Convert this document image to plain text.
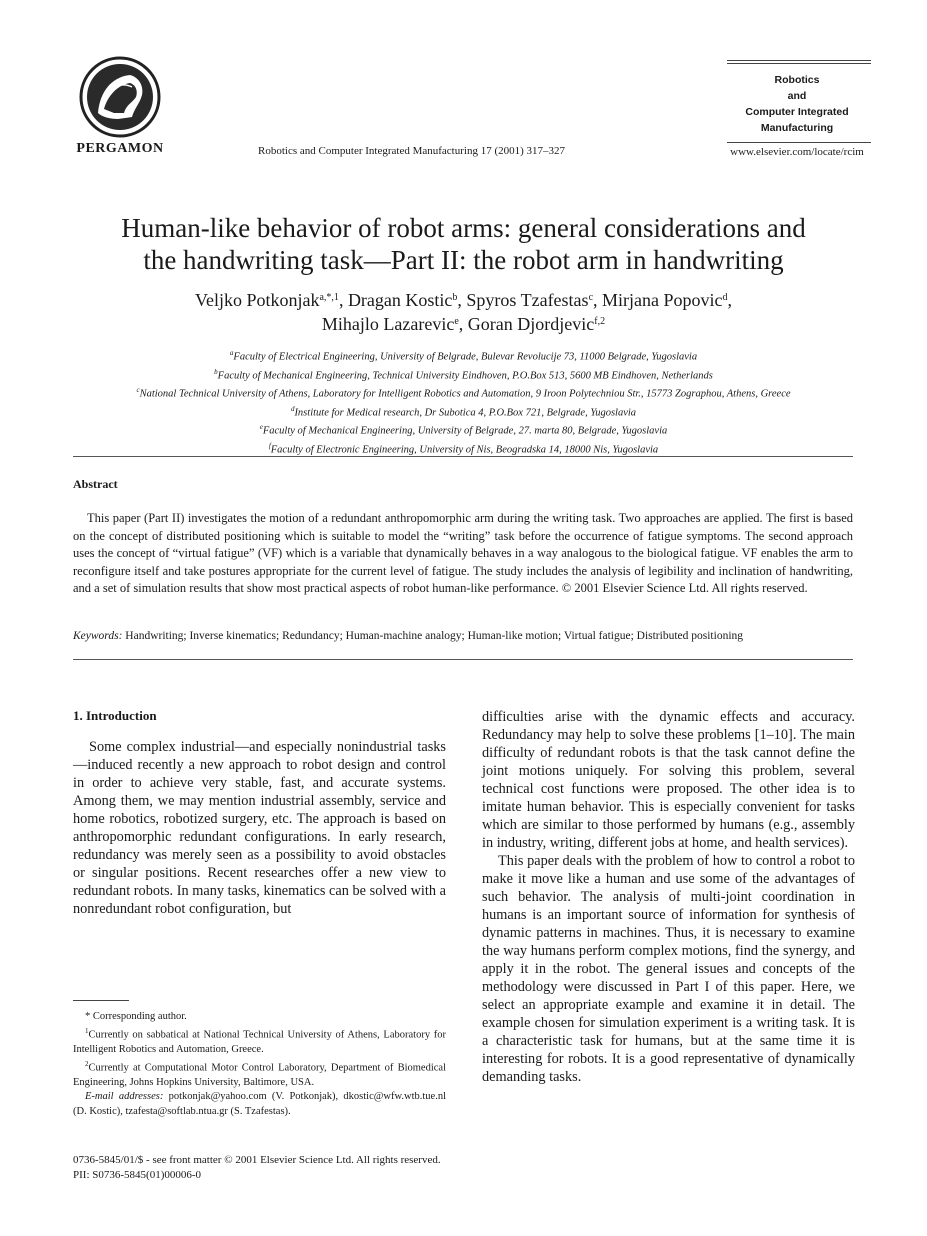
PERGAMON	Robotics and Computer Integrated Manufacturing 17 (2001) 317–327
Robotics
and
Computer Integrated
Manufacturing
www.elsevier.com/locate/rcim
Human-like behavior of robot arms: general considerations and
the handwriting task—Part II: the robot arm in handwriting
Veljko Potkonjak$^{a,*,1}$, Dragan Kostic$^b$, Spyros Tzafestas$^c$, Mirjana Popovic$^d$,
Mihajlo Lazarevic$^e$, Goran Djordjevic$^{f,2}$
$^a$Faculty of Electrical Engineering, University of Belgrade, Bulevar Revolucije 73, 11000 Belgrade, Yugoslavia
$^b$Faculty of Mechanical Engineering, Technical University Eindhoven, P.O.Box 513, 5600 MB Eindhoven, Netherlands
$^c$National Technical University of Athens, Laboratory for Intelligent Robotics and Automation, 9 Iroon Polytechniou Str., 15773 Zographou, Athens, Greece
$^d$Institute for Medical research, Dr Subotica 4, P.O.Box 721, Belgrade, Yugoslavia
$^e$Faculty of Mechanical Engineering, University of Belgrade, 27. marta 80, Belgrade, Yugoslavia
$^f$Faculty of Electronic Engineering, University of Nis, Beogradska 14, 18000 Nis, Yugoslavia
Abstract
This paper (Part II) investigates the motion of a redundant anthropomorphic arm during the writing task. Two approaches are applied. The first is based on the concept of distributed positioning which is suitable to model the “writing” task before the occurrence of fatigue symptoms. The second approach uses the concept of “virtual fatigue” (VF) which is a variable that dynamically behaves in a way analogous to the biological fatigue. VF enables the arm to reconfigure itself and take postures appropriate for the current level of fatigue. The study includes the analysis of legibility and inclination of handwriting, and a set of simulation results that show most practical aspects of robot human-like performance. © 2001 Elsevier Science Ltd. All rights reserved.
Keywords: Handwriting; Inverse kinematics; Redundancy; Human-machine analogy; Human-like motion; Virtual fatigue; Distributed positioning
1. Introduction

Some complex industrial—and especially nonindustrial tasks—induced recently a new approach to robot design and control in order to achieve very stable, fast, and accurate systems. Among them, we may mention industrial assembly, service and home robotics, robotized surgery, etc. The approach is based on anthropomorphic redundant configurations. In early research, redundancy was merely seen as a possibility to avoid obstacles or singular positions. Recent researches offer a new view to redundant robots. In many tasks, kinematics can be solved with a nonredundant robot configuration, but

* Corresponding author.

$^1$Currently on sabbatical at National Technical University of Athens, Laboratory for Intelligent Robotics and Automation, Greece.

$^2$Currently at Computational Motor Control Laboratory, Department of Biomedical Engineering, Johns Hopkins University, Baltimore, USA.

E-mail addresses: potkonjak@yahoo.com (V. Potkonjak), dkostic@wfw.wtb.tue.nl (D. Kostic), tzafesta@softlab.ntua.gr (S. Tzafestas).

difficulties arise with the dynamic effects and accuracy. Redundancy may help to solve these problems [1–10]. The main difficulty of redundant robots is that the task cannot define the joint motions uniquely. For solving this problem, several technical cost functions were proposed. The other idea is to imitate human behavior. This is especially convenient for tasks which are similar to those performed by humans (e.g., assembly in industry, writing, different jobs at home, and health services).

This paper deals with the problem of how to control a robot to make it move like a human and use some of the advantages of such behavior. The analysis of multi-joint coordination in humans is an important source of information for synthesis of dynamic patterns in machines. Thus, it is necessary to examine the way humans perform complex motions, find the synergy, and apply it in the robot. The general issues and concepts of the methodology were discussed in Part I of this paper. Here, we select an appropriate example and examine it in detail. The example chosen for simulation experiment is a writing task. It is a characteristic task for humans, but at the same time it is interesting for robots. It is a good representative of dynamically demanding tasks.

0736-5845/01/$ - see front matter © 2001 Elsevier Science Ltd. All rights reserved.
PII: S0736-5845(01)00006-0
